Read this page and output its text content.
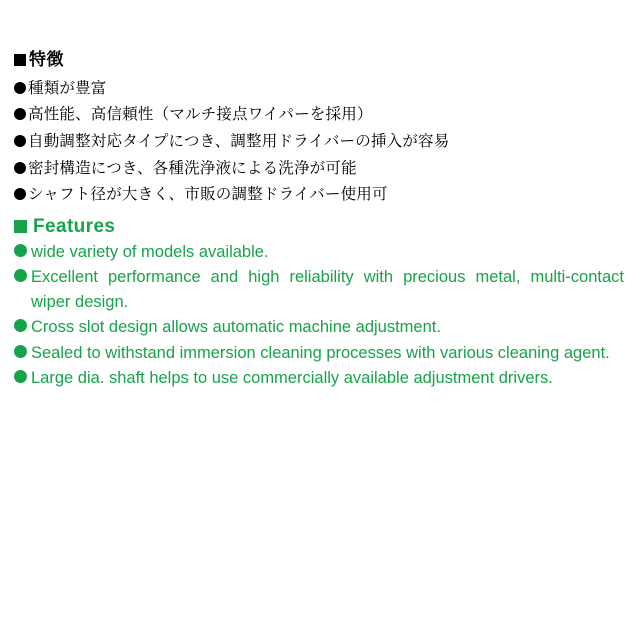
特徴
種類が豊富
高性能、高信頼性（マルチ接点ワイパーを採用）
自動調整対応タイプにつき、調整用ドライバーの挿入が容易
密封構造につき、各種洗浄液による洗浄が可能
シャフト径が大きく、市販の調整ドライバー使用可
Features
wide variety of models available.
Excellent performance and high reliability with precious metal, multi-contact wiper design.
Cross slot design allows automatic machine adjustment.
Sealed to withstand immersion cleaning processes with various cleaning agent.
Large dia. shaft helps to use commercially available adjustment drivers.
